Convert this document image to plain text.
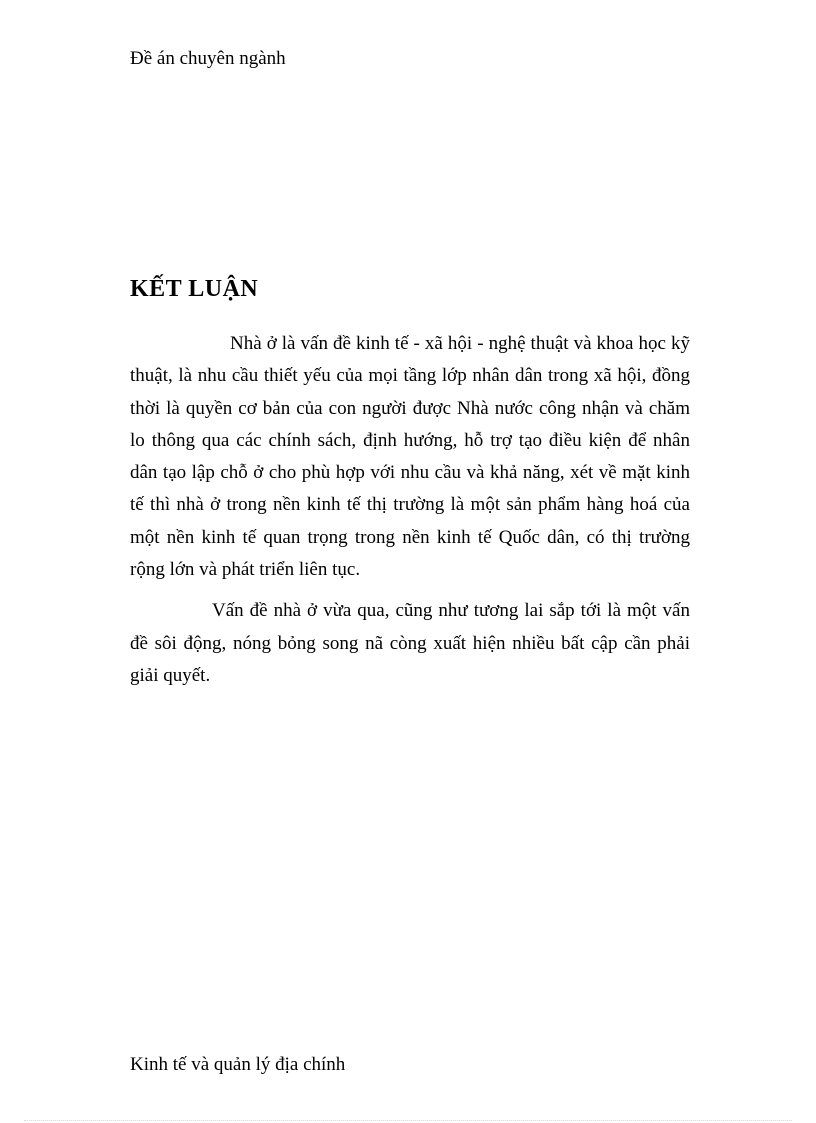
Đề án chuyên ngành
KẾT LUẬN

Nhà ở là vấn đề kinh tế - xã hội - nghệ thuật và khoa học kỹ thuật, là nhu cầu thiết yếu của mọi tầng lớp nhân dân trong xã hội, đồng thời là quyền cơ bản của con người được Nhà nước công nhận và chăm lo thông qua các chính sách, định hướng, hỗ trợ tạo điều kiện để nhân dân tạo lập chỗ ở cho phù hợp với nhu cầu và khả năng, xét về mặt kinh tế thì nhà ở trong nền kinh tế thị trường là một sản phẩm hàng hoá của một nền kinh tế quan trọng trong nền kinh tế Quốc dân, có thị trường rộng lớn và phát triển liên tục.

Vấn đề nhà ở vừa qua, cũng như tương lai sắp tới là một vấn đề sôi động, nóng bỏng song nã còng xuất hiện nhiều bất cập cần phải giải quyết.

Kinh tế và quản lý địa chính
